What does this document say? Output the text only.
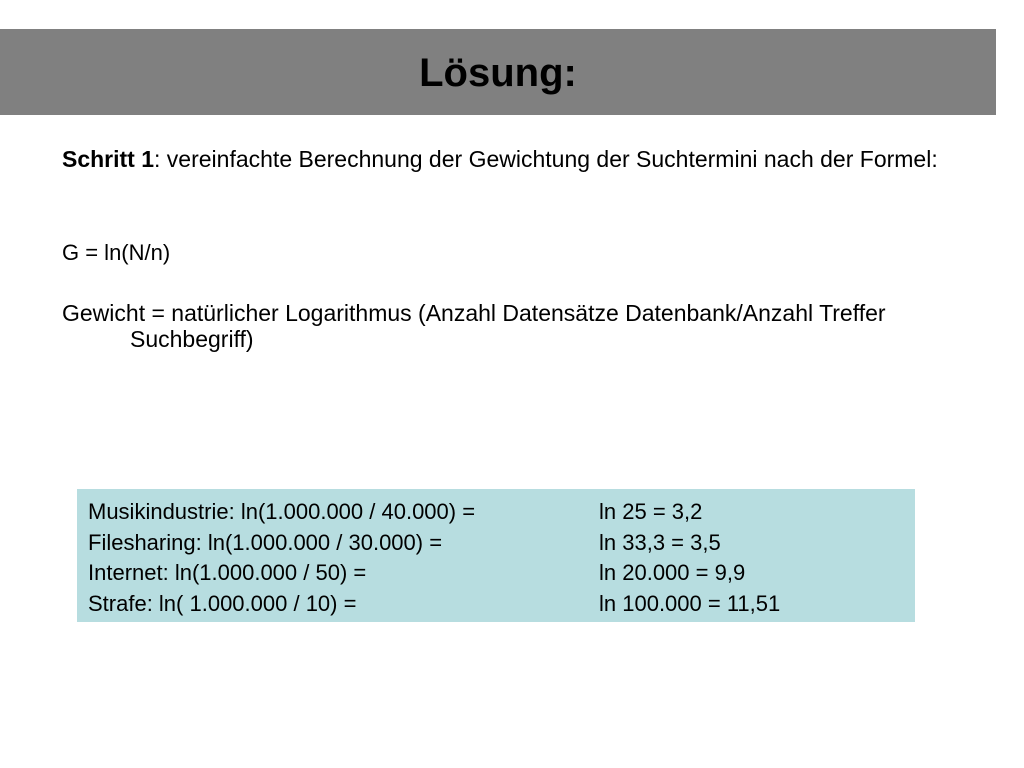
Lösung:
Schritt 1: vereinfachte Berechnung der Gewichtung der Suchtermini nach der Formel:
G = ln(N/n)
Gewicht = natürlicher Logarithmus (Anzahl Datensätze Datenbank/Anzahl Treffer Suchbegriff)
Musikindustrie: ln(1.000.000 / 40.000) =	ln 25 = 3,2
Filesharing: ln(1.000.000 / 30.000) =	ln 33,3 = 3,5
Internet: ln(1.000.000 / 50) =	ln 20.000 = 9,9
Strafe: ln( 1.000.000 / 10) =	ln 100.000 = 11,51
